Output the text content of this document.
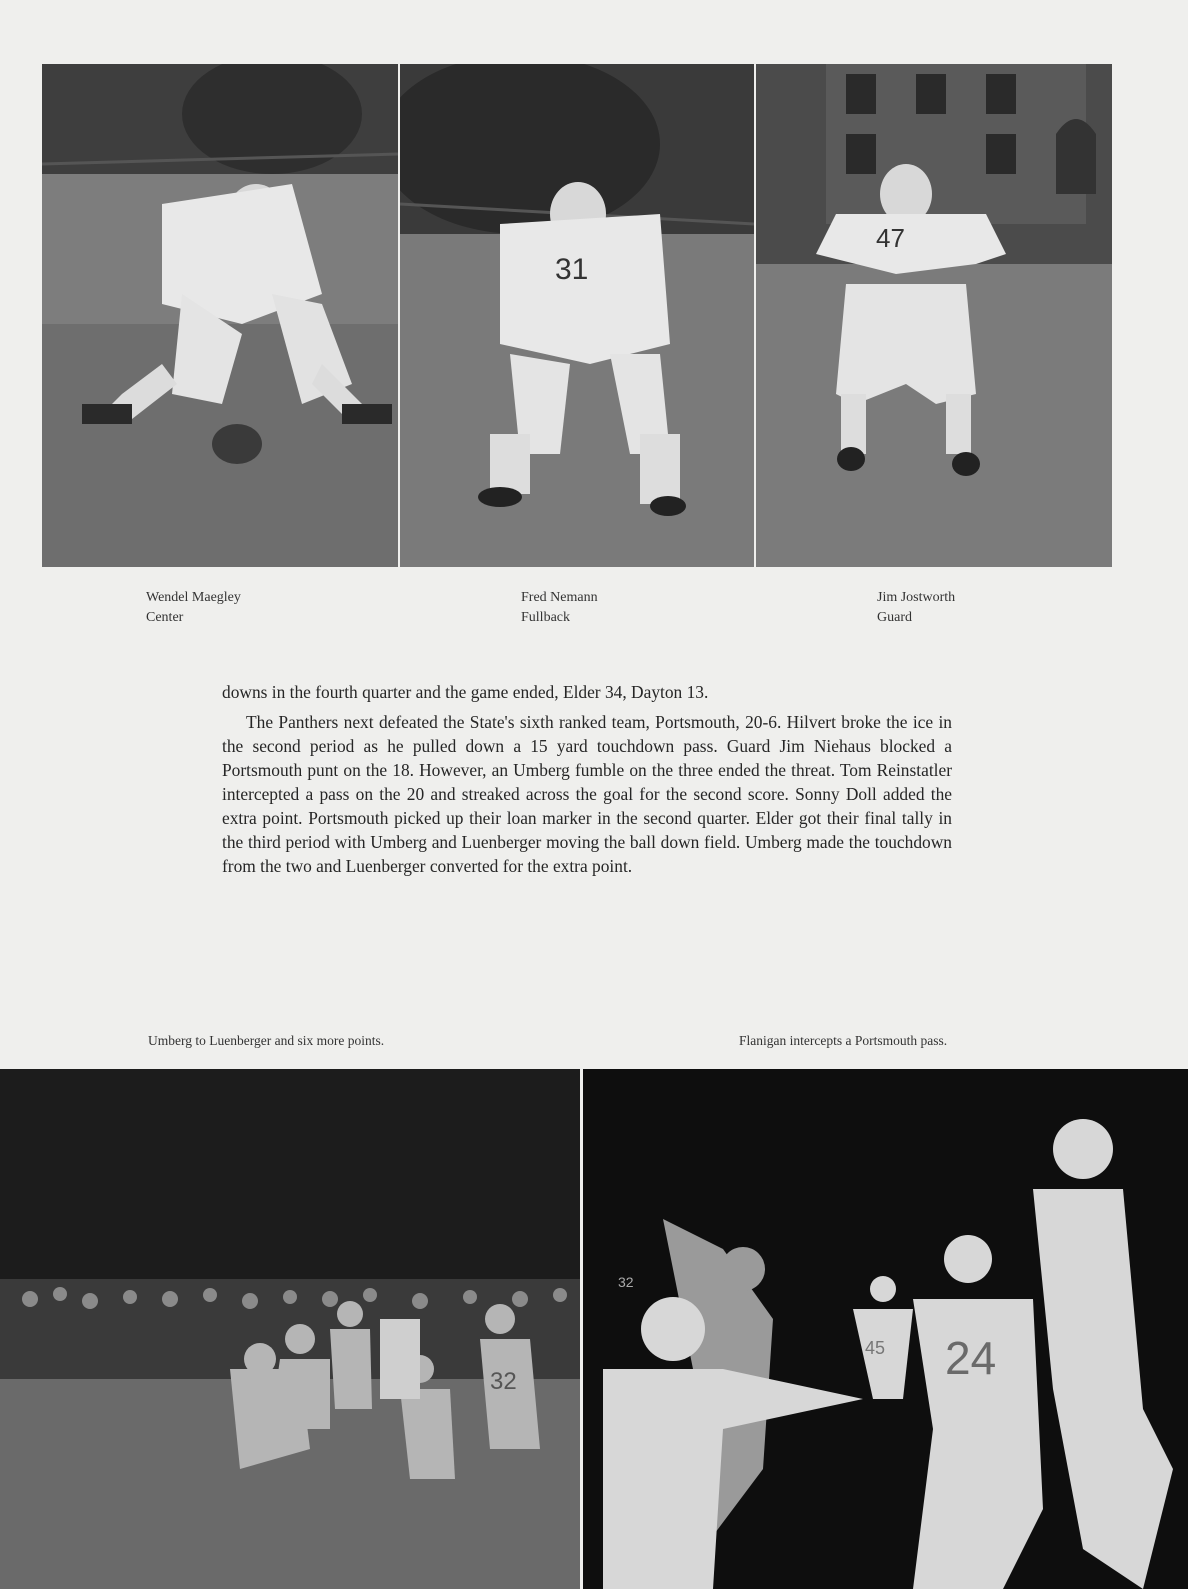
31
47
Wendel Maegley
Center
Fred Nemann
Fullback
Jim Jostworth
Guard

downs in the fourth quarter and the game ended, Elder 34, Dayton 13.

The Panthers next defeated the State's sixth ranked team, Portsmouth, 20-6. Hilvert broke the ice in the second period as he pulled down a 15 yard touchdown pass. Guard Jim Niehaus blocked a Portsmouth punt on the 18. However, an Umberg fumble on the three ended the threat. Tom Reinstatler intercepted a pass on the 20 and streaked across the goal for the second score. Sonny Doll added the extra point. Portsmouth picked up their loan marker in the second quarter. Elder got their final tally in the third period with Umberg and Luenberger moving the ball down field. Umberg made the touchdown from the two and Luenberger converted for the extra point.

Umberg to Luenberger and six more points.	Flanigan intercepts a Portsmouth pass.
32	24
45
32
